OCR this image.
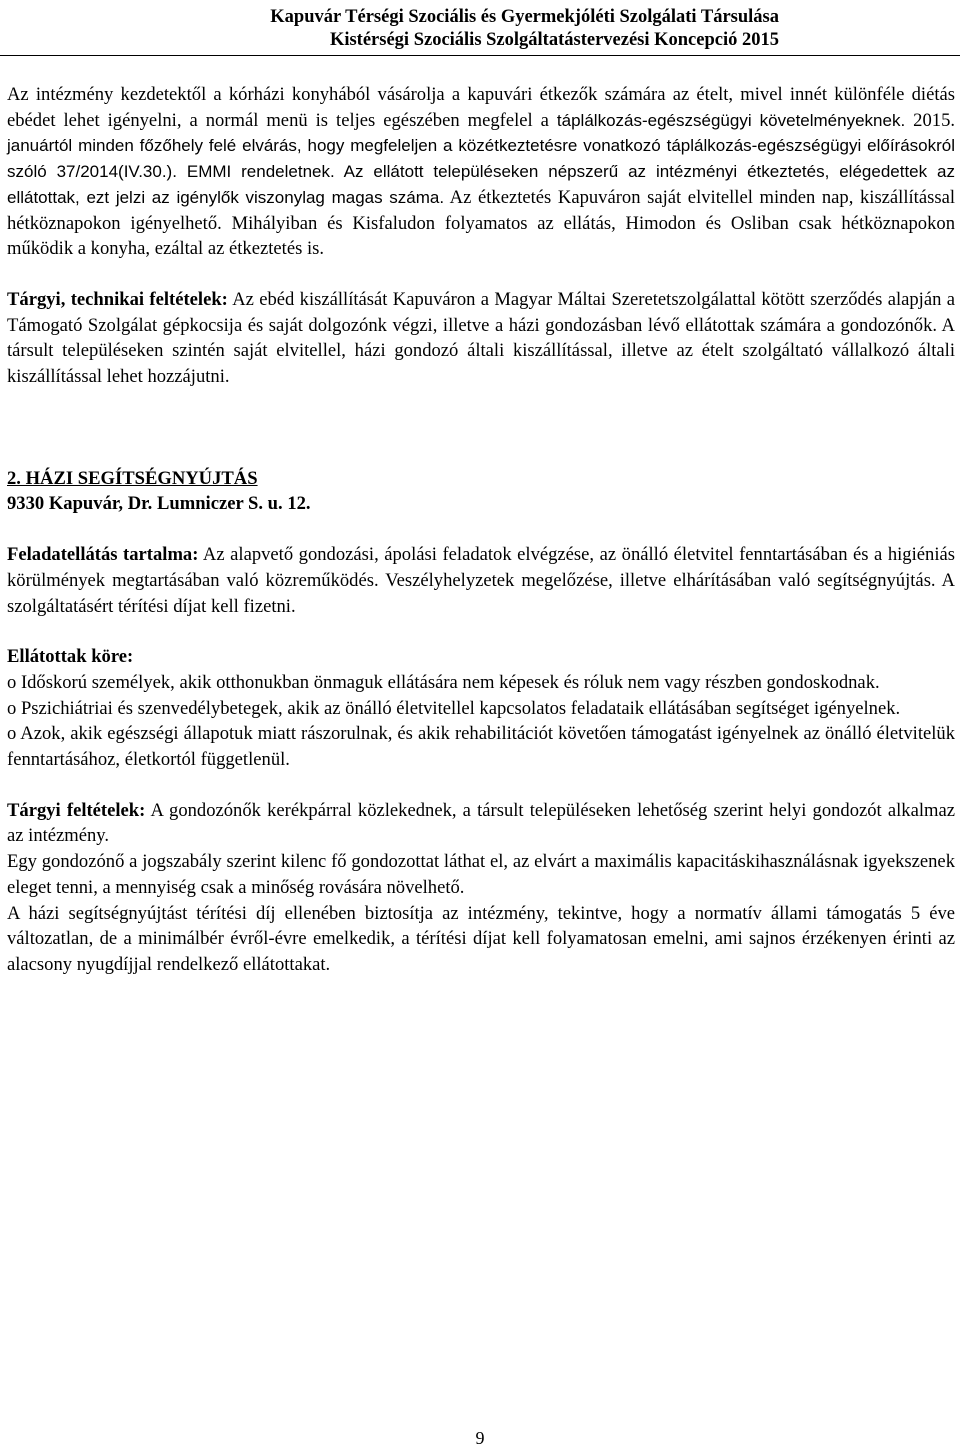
Kapuvár Térségi Szociális és Gyermekjóléti Szolgálati Társulása
Kistérségi Szociális Szolgáltatástervezési Koncepció 2015

Az intézmény kezdetektől a kórházi konyhából vásárolja a kapuvári étkezők számára az ételt, mivel innét különféle diétás ebédet lehet igényelni, a normál menü is teljes egészében megfelel a táplálkozás-egészségügyi követelményeknek. 2015. januártól minden főzőhely felé elvárás, hogy megfeleljen a közétkeztetésre vonatkozó táplálkozás-egészségügyi előírásokról szóló 37/2014(IV.30.). EMMI rendeletnek. Az ellátott településeken népszerű az intézményi étkeztetés, elégedettek az ellátottak, ezt jelzi az igénylők viszonylag magas száma. Az étkeztetés Kapuváron saját elvitellel minden nap, kiszállítással hétköznapokon igényelhető. Mihályiban és Kisfaludon folyamatos az ellátás, Himodon és Osliban csak hétköznapokon működik a konyha, ezáltal az étkeztetés is.

Tárgyi, technikai feltételek: Az ebéd kiszállítását Kapuváron a Magyar Máltai Szeretetszolgálattal kötött szerződés alapján a Támogató Szolgálat gépkocsija és saját dolgozónk végzi, illetve a házi gondozásban lévő ellátottak számára a gondozónők. A társult településeken szintén saját elvitellel, házi gondozó általi kiszállítással, illetve az ételt szolgáltató vállalkozó általi kiszállítással lehet hozzájutni.

2. HÁZI SEGÍTSÉGNYÚJTÁS

9330 Kapuvár, Dr. Lumniczer S. u. 12.

Feladatellátás tartalma: Az alapvető gondozási, ápolási feladatok elvégzése, az önálló életvitel fenntartásában és a higiéniás körülmények megtartásában való közreműködés. Veszélyhelyzetek megelőzése, illetve elhárításában való segítségnyújtás. A szolgáltatásért térítési díjat kell fizetni.

Ellátottak köre:

o Időskorú személyek, akik otthonukban önmaguk ellátására nem képesek és róluk nem vagy részben gondoskodnak.

o Pszichiátriai és szenvedélybetegek, akik az önálló életvitellel kapcsolatos feladataik ellátásában segítséget igényelnek.

o Azok, akik egészségi állapotuk miatt rászorulnak, és akik rehabilitációt követően támogatást igényelnek az önálló életvitelük fenntartásához, életkortól függetlenül.

Tárgyi feltételek: A gondozónők kerékpárral közlekednek, a társult településeken lehetőség szerint helyi gondozót alkalmaz az intézmény.

Egy gondozónő a jogszabály szerint kilenc fő gondozottat láthat el, az elvárt a maximális kapacitáskihasználásnak igyekszenek eleget tenni, a mennyiség csak a minőség rovására növelhető.

A házi segítségnyújtást térítési díj ellenében biztosítja az intézmény, tekintve, hogy a normatív állami támogatás 5 éve változatlan, de a minimálbér évről-évre emelkedik, a térítési díjat kell folyamatosan emelni, ami sajnos érzékenyen érinti az alacsony nyugdíjjal rendelkező ellátottakat.

9
